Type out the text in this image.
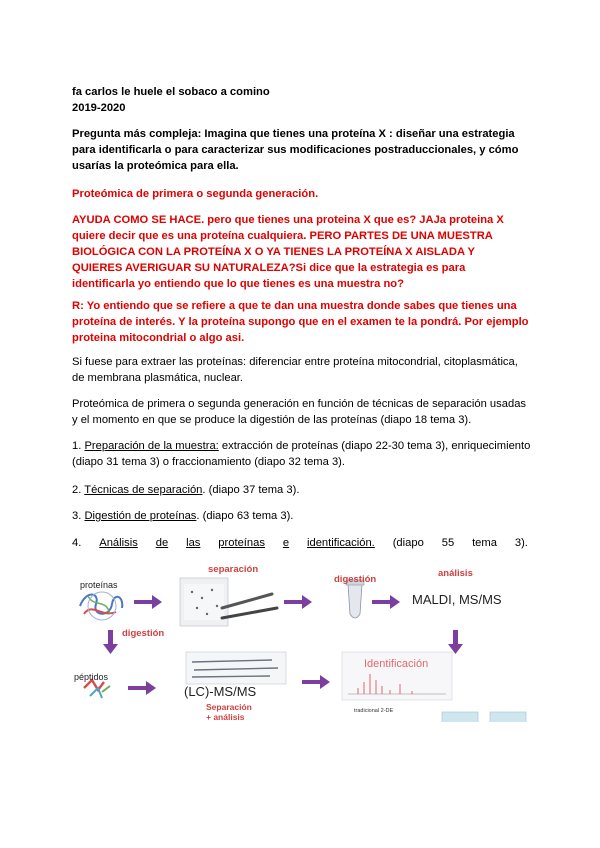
fa carlos le huele el sobaco a comino
2019-2020

Pregunta más compleja: Imagina que tienes una proteína X : diseñar una estrategia
para identificarla o para caracterizar sus modificaciones postraduccionales, y cómo
usarías la proteómica para ella.

Proteómica de primera o segunda generación.

AYUDA COMO SE HACE. pero que tienes una proteina X que es? JAJa proteina X
quiere decir que es una proteína cualquiera. PERO PARTES DE UNA MUESTRA
BIOLÓGICA CON LA PROTEÍNA X O YA TIENES LA PROTEÍNA X AISLADA Y
QUIERES AVERIGUAR SU NATURALEZA?Si dice que la estrategia es para
identificarla yo entiendo que lo que tienes es una muestra no?

R: Yo entiendo que se refiere a que te dan una muestra donde sabes que tienes una
proteína de interés. Y la proteína supongo que en el examen te la pondrá. Por ejemplo
proteina mitocondrial o algo asi.

Si fuese para extraer las proteínas: diferenciar entre proteína mitocondrial, citoplasmática,
de membrana plasmática, nuclear.

Proteómica de primera o segunda generación en función de técnicas de separación usadas
y el momento en que se produce la digestión de las proteínas (diapo 18 tema 3).

1. Preparación de la muestra: extracción de proteínas (diapo 22-30 tema 3), enriquecimiento
(diapo 31 tema 3) o fraccionamiento (diapo 32 tema 3).

2. Técnicas de separación. (diapo 37 tema 3).

3. Digestión de proteínas. (diapo 63 tema 3).

Análisis
4.	de las proteínas e identificación. (diapo 55 tema 3).

proteínas
separación
digestión
análisis
MALDI, MS/MS
digestión
péptidos
(LC)-MS/MS
Identificación
Separación
+ análisis
tradicional 2-DE
